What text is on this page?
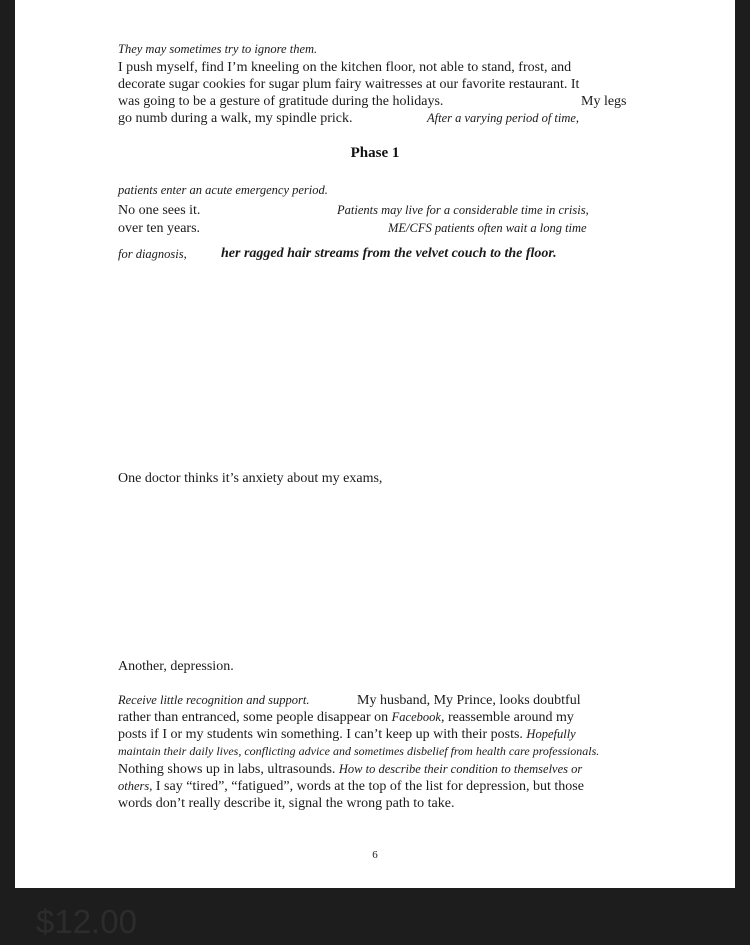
They may sometimes try to ignore them.
I push myself, find I’m kneeling on the kitchen floor, not able to stand, frost, and
decorate sugar cookies for sugar plum fairy waitresses at our favorite restaurant. It
was going to be a gesture of gratitude during the holidays.	My legs
go numb during a walk, my spindle prick.	After a varying period of time,
Phase 1
patients enter an acute emergency period.
No one sees it.	Patients may live for a considerable time in crisis,
over ten years.	ME/CFS patients often wait a long time
for diagnosis, her ragged hair streams from the velvet couch to the floor.
One doctor thinks it’s anxiety about my exams,
Another, depression.
Receive little recognition and support.	My husband, My Prince, looks doubtful
rather than entranced, some people disappear on Facebook, reassemble around my
posts if I or my students win something. I can’t keep up with their posts. Hopefully
maintain their daily lives, conflicting advice and sometimes disbelief from health care professionals.
Nothing shows up in labs, ultrasounds. How to describe their condition to themselves or
others, I say “tired”, “fatigued”, words at the top of the list for depression, but those
words don’t really describe it, signal the wrong path to take.
6
$12.00
